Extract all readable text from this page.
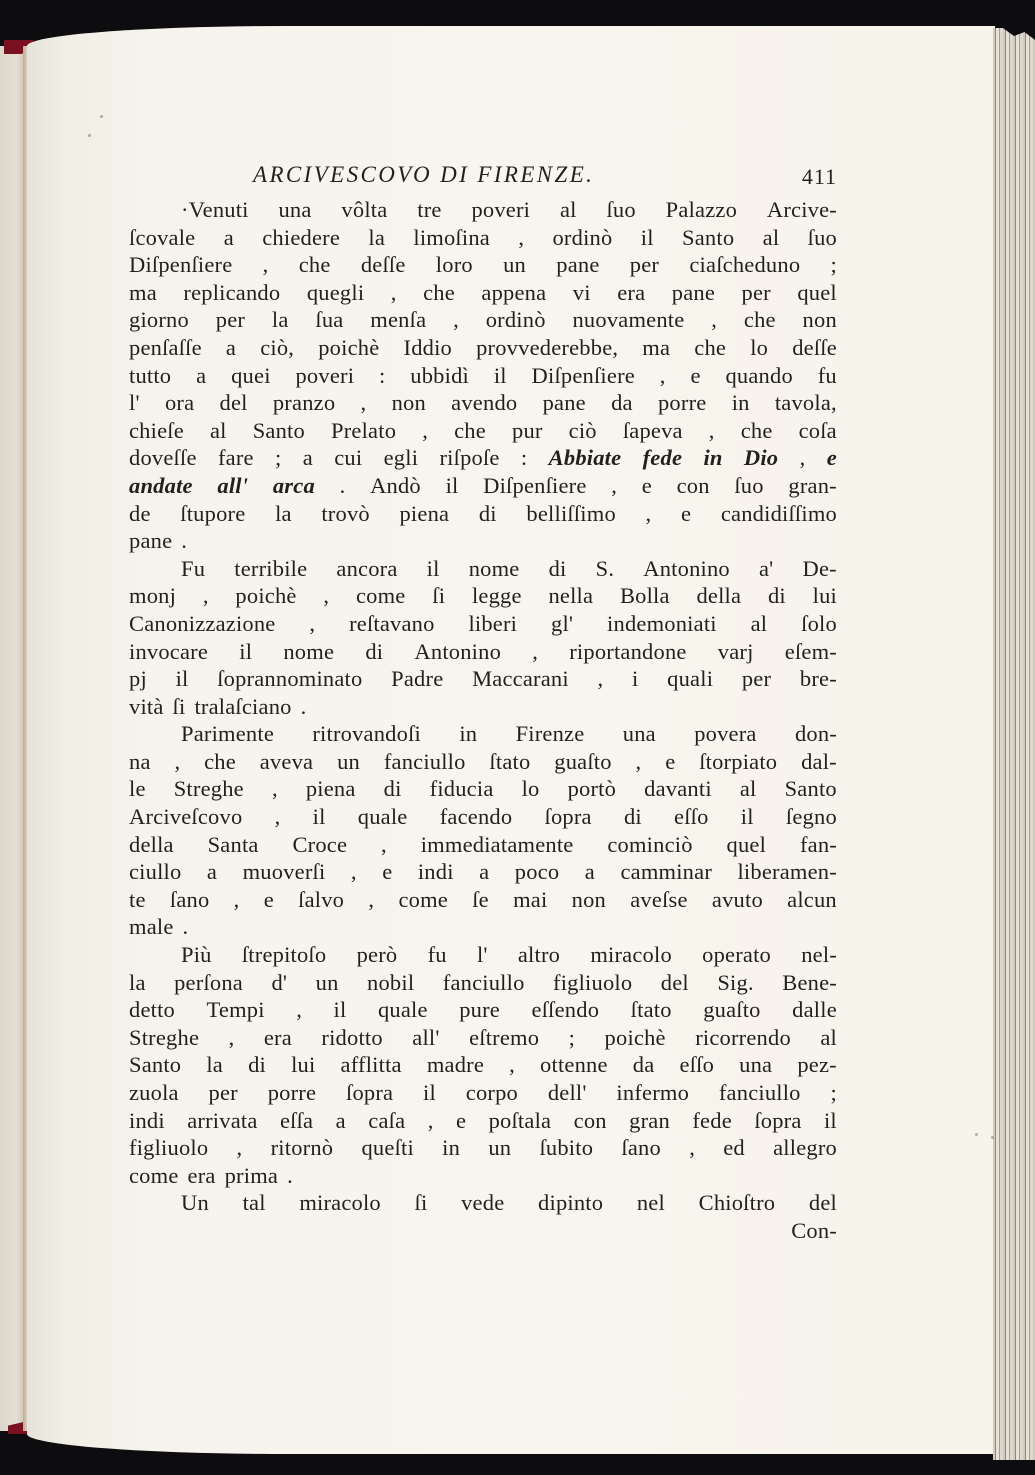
ARCIVESCOVO DI FIRENZE.	411
·Venuti una vôlta tre poveri al ſuo Palazzo Arcive-
ſcovale a chiedere la limoſina , ordinò il Santo al ſuo
Diſpenſiere , che deſſe loro un pane per ciaſcheduno ;
ma replicando quegli , che appena vi era pane per quel
giorno per la ſua menſa , ordinò nuovamente , che non
penſaſſe a ciò, poichè Iddio provvederebbe, ma che lo deſſe
tutto a quei poveri : ubbidì il Diſpenſiere , e quando fu
l' ora del pranzo , non avendo pane da porre in tavola,
chieſe al Santo Prelato , che pur ciò ſapeva , che coſa
doveſſe fare ; a cui egli riſpoſe : Abbiate fede in Dio , e
andate all' arca . Andò il Diſpenſiere , e con ſuo gran-
de ſtupore la trovò piena di belliſſimo , e candidiſſimo
pane .
Fu terribile ancora il nome di S. Antonino a' De-
monj , poichè , come ſi legge nella Bolla della di lui
Canonizzazione , reſtavano liberi gl' indemoniati al ſolo
invocare il nome di Antonino , riportandone varj eſem-
pj il ſoprannominato Padre Maccarani , i quali per bre-
vità ſi tralaſciano .
Parimente ritrovandoſi in Firenze una povera don-
na , che aveva un fanciullo ſtato guaſto , e ſtorpiato dal-
le Streghe , piena di fiducia lo portò davanti al Santo
Arciveſcovo , il quale facendo ſopra di eſſo il ſegno
della Santa Croce , immediatamente cominciò quel fan-
ciullo a muoverſi , e indi a poco a camminar liberamen-
te ſano , e ſalvo , come ſe mai non aveſse avuto alcun
male .
Più ſtrepitoſo però fu l' altro miracolo operato nel-
la perſona d' un nobil fanciullo figliuolo del Sig. Bene-
detto Tempi , il quale pure eſſendo ſtato guaſto dalle
Streghe , era ridotto all' eſtremo ; poichè ricorrendo al
Santo la di lui afflitta madre , ottenne da eſſo una pez-
zuola per porre ſopra il corpo dell' infermo fanciullo ;
indi arrivata eſſa a caſa , e poſtala con gran fede ſopra il
figliuolo , ritornò queſti in un ſubito ſano , ed allegro
come era prima .
Un tal miracolo ſi vede dipinto nel Chioſtro del
Con-
